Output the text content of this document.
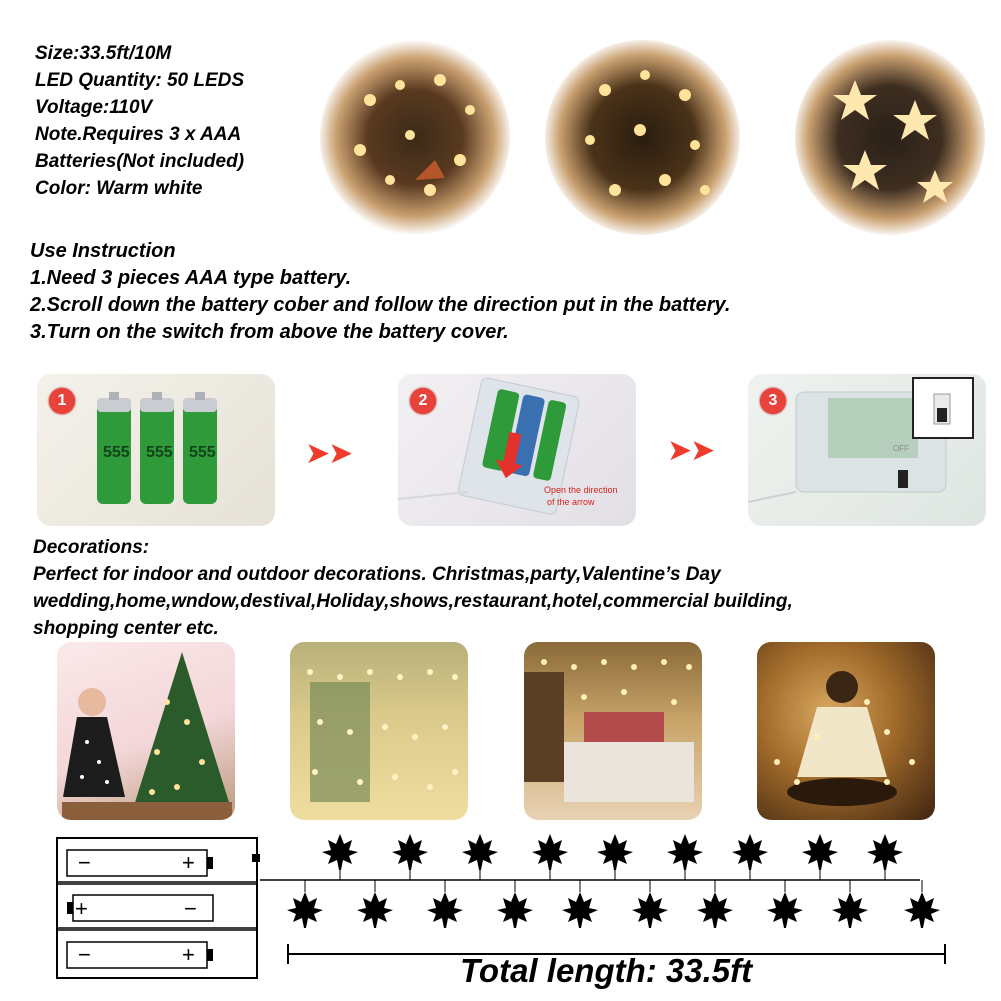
Size:33.5ft/10M
LED Quantity: 50 LEDS
Voltage:110V
Note.Requires 3 x AAA
Batteries(Not included)
Color: Warm white
Use Instruction
1.Need 3 pieces AAA type battery.
2.Scroll down the battery cober and follow the direction put in the battery.
3.Turn on the switch from above the battery cover.
1
555 555 555	➤➤
2
Open the direction
of the arrow
➤➤
3
OFF
Decorations:
Perfect for indoor and outdoor decorations. Christmas,party,Valentine’s Day
wedding,home,wndow,destival,Holiday,shows,restaurant,hotel,commercial building,
shopping center etc.
−	+
+	−
−	+	Total length: 33.5ft
